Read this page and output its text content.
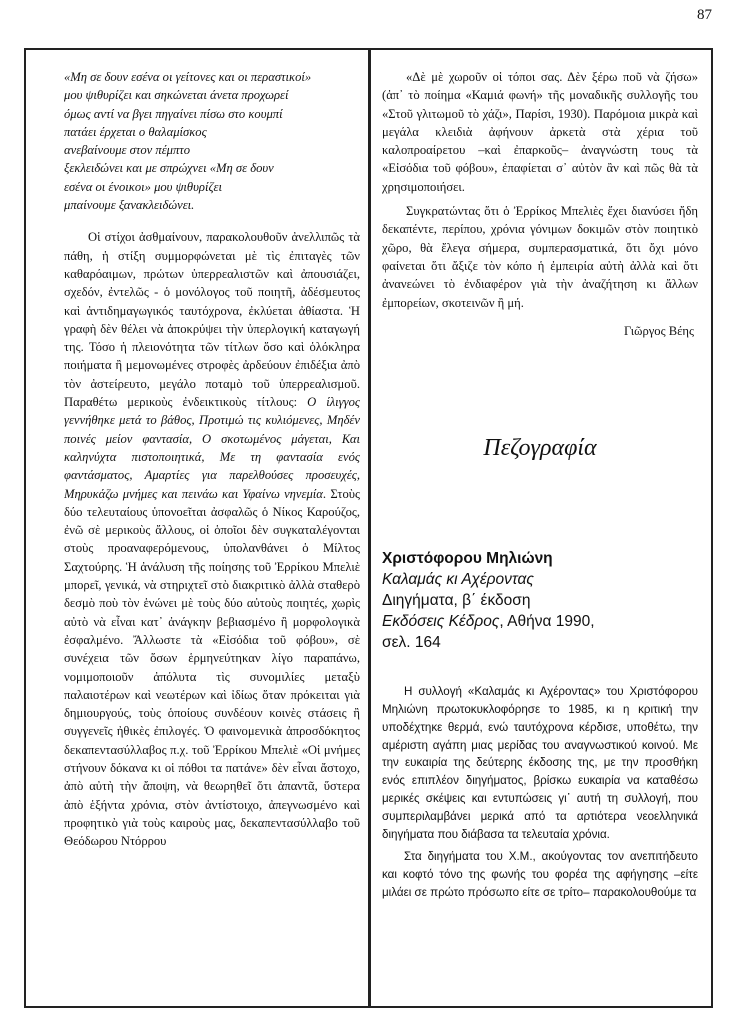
87

«Μη σε δουν εσένα οι γείτονες και οι περαστικοί»
μου ψιθυρίζει και σηκώνεται άνετα προχωρεί
όμως αντί να βγει πηγαίνει πίσω στο κουμπί
πατάει έρχεται ο θαλαμίσκος
ανεβαίνουμε στον πέμπτο
ξεκλειδώνει και με σπρώχνει «Μη σε δουν
εσένα οι ένοικοι» μου ψιθυρίζει
μπαίνουμε ξανακλειδώνει.

Οἱ στίχοι ἀσθμαίνουν, παρακολουθοῦν ἀνελλιπῶς τὰ πάθη, ἡ στίξη συμμορφώνεται μὲ τὶς ἐπιταγὲς τῶν καθαρόαιμων, πρώτων ὑπερρεαλιστῶν καὶ ἀπουσιάζει, σχεδόν, ἐντελῶς - ὁ μονόλογος τοῦ ποιητῆ, ἀδέσμευτος καὶ ἀντιδημαγωγικός ταυτόχρονα, ἐκλύεται ἀθίαστα. Ἡ γραφὴ δὲν θέλει νὰ ἀποκρύψει τὴν ὑπερλογική καταγωγή της. Τόσο ἡ πλειονότητα τῶν τίτλων ὅσο καὶ ὁλόκληρα ποιήματα ἢ μεμονωμένες στροφὲς ἀρδεύουν ἐπιδέξια ἀπὸ τὸν ἀστείρευτο, μεγάλο ποταμὸ τοῦ ὑπερρεαλισμοῦ. Παραθέτω μερικοὺς ἐνδεικτικοὺς τίτλους: Ο ίλιγγος γεννήθηκε μετά το βάθος, Προτιμώ τις κυλιόμενες, Μηδέν ποινές μείον φαντασία, Ο σκοτωμένος μάγεται, Και καληνύχτα πιστοποιητικά, Με τη φαντασία ενός φαντάσματος, Αμαρτίες για παρελθούσες προσευχές, Μηρυκάζω μνήμες και πεινάω και Υφαίνω νηνεμία. Στοὺς δύο τελευταίους ὑπονοεῖται ἀσφαλῶς ὁ Νίκος Καρούζος, ἐνῶ σὲ μερικοὺς ἄλλους, οἱ ὁποῖοι δὲν συγκαταλέγονται στοὺς προαναφερόμενους, ὑπολανθάνει ὁ Μίλτος Σαχτούρης. Ἡ ἀνάλυση τῆς ποίησης τοῦ Ἐρρίκου Μπελιὲ μπορεῖ, γενικά, νὰ στηριχτεῖ στὸ διακριτικὸ ἀλλὰ σταθερὸ δεσμὸ ποὺ τὸν ἑνώνει μὲ τοὺς δύο αὐτοὺς ποιητές, χωρὶς αὐτὸ νὰ εἶναι κατ᾽ ἀνάγκην βεβιασμένο ἢ μορφολογικὰ ἐσφαλμένο. Ἄλλωστε τὰ «Εἰσόδια τοῦ φόβου», σὲ συνέχεια τῶν ὅσων ἑρμηνεύτηκαν λίγο παραπάνω, νομιμοποιοῦν ἀπόλυτα τὶς συνομιλίες μεταξὺ παλαιοτέρων καὶ νεωτέρων καὶ ἰδίως ὅταν πρόκειται γιὰ δημιουργούς, τοὺς ὁποίους συνδέουν κοινὲς στάσεις ἢ συγγενεῖς ἠθικὲς ἐπιλογές. Ὁ φαινομενικὰ ἀπροσδόκητος δεκαπεντασύλλαβος π.χ. τοῦ Ἐρρίκου Μπελιὲ «Οἱ μνήμες στήνουν δόκανα κι οἱ πόθοι τα πατάνε» δὲν εἶναι ἄστοχο, ἀπὸ αὐτὴ τὴν ἄποψη, νὰ θεωρηθεῖ ὅτι ἀπαντᾶ, ὕστερα ἀπὸ ἑξήντα χρόνια, στὸν ἀντίστοιχο, ἀπεγνωσμένο καὶ προφητικὸ γιὰ τοὺς καιροὺς μας, δεκαπεντασύλλαβο τοῦ Θεόδωρου Ντόρρου

«Δὲ μὲ χωροῦν οἱ τόποι σας. Δὲν ξέρω ποῦ νὰ ζήσω» (ἀπ᾽ τὸ ποίημα «Καμιά φωνή» τῆς μοναδικῆς συλλογῆς του «Στοῦ γλιτωμοῦ τὸ χάζι», Παρίσι, 1930). Παρόμοια μικρὰ καὶ μεγάλα κλειδιὰ ἀφήνουν ἀρκετὰ στὰ χέρια τοῦ καλοπροαίρετου –καὶ ἐπαρκοῦς– ἀναγνώστη τους τὰ «Εἰσόδια τοῦ φόβου», ἐπαφίεται σ᾽ αὐτὸν ἂν καὶ πῶς θὰ τὰ χρησιμοποιήσει.

Συγκρατώντας ὅτι ὁ Ἐρρίκος Μπελιὲς ἔχει διανύσει ἤδη δεκαπέντε, περίπου, χρόνια γόνιμων δοκιμῶν στὸν ποιητικὸ χῶρο, θὰ ἔλεγα σήμερα, συμπερασματικά, ὅτι ὄχι μόνο φαίνεται ὅτι ἄξιζε τὸν κόπο ἡ ἐμπειρία αὐτὴ ἀλλὰ καὶ ὅτι ἀνανεώνει τὸ ἐνδιαφέρον γιὰ τὴν ἀναζήτηση κι ἄλλων ἐμπορείων, σκοτεινῶν ἢ μή.

Γιῶργος Βέης
Πεζογραφία
Χριστόφορου Μηλιώνη
Καλαμάς κι Αχέροντας
Διηγήματα, β΄ έκδοση
Εκδόσεις Κέδρος, Αθήνα 1990,
σελ. 164

Η συλλογή «Καλαμάς κι Αχέροντας» του Χριστόφορου Μηλιώνη πρωτοκυκλοφόρησε το 1985, κι η κριτική την υποδέχτηκε θερμά, ενώ ταυτόχρονα κέρδισε, υποθέτω, την αμέριστη αγάπη μιας μερίδας του αναγνωστικού κοινού. Με την ευκαιρία της δεύτερης έκδοσης της, με την προσθήκη ενός επιπλέον διηγήματος, βρίσκω ευκαιρία να καταθέσω μερικές σκέψεις και εντυπώσεις γι᾽ αυτή τη συλλογή, που συμπεριλαμβάνει μερικά από τα αρτιότερα νεοελληνικά διηγήματα που διάβασα τα τελευταία χρόνια.

Στα διηγήματα του Χ.Μ., ακούγοντας τον ανεπιτήδευτο και κοφτό τόνο της φωνής του φορέα της αφήγησης –είτε μιλάει σε πρώτο πρόσωπο είτε σε τρίτο– παρακολουθούμε τα
